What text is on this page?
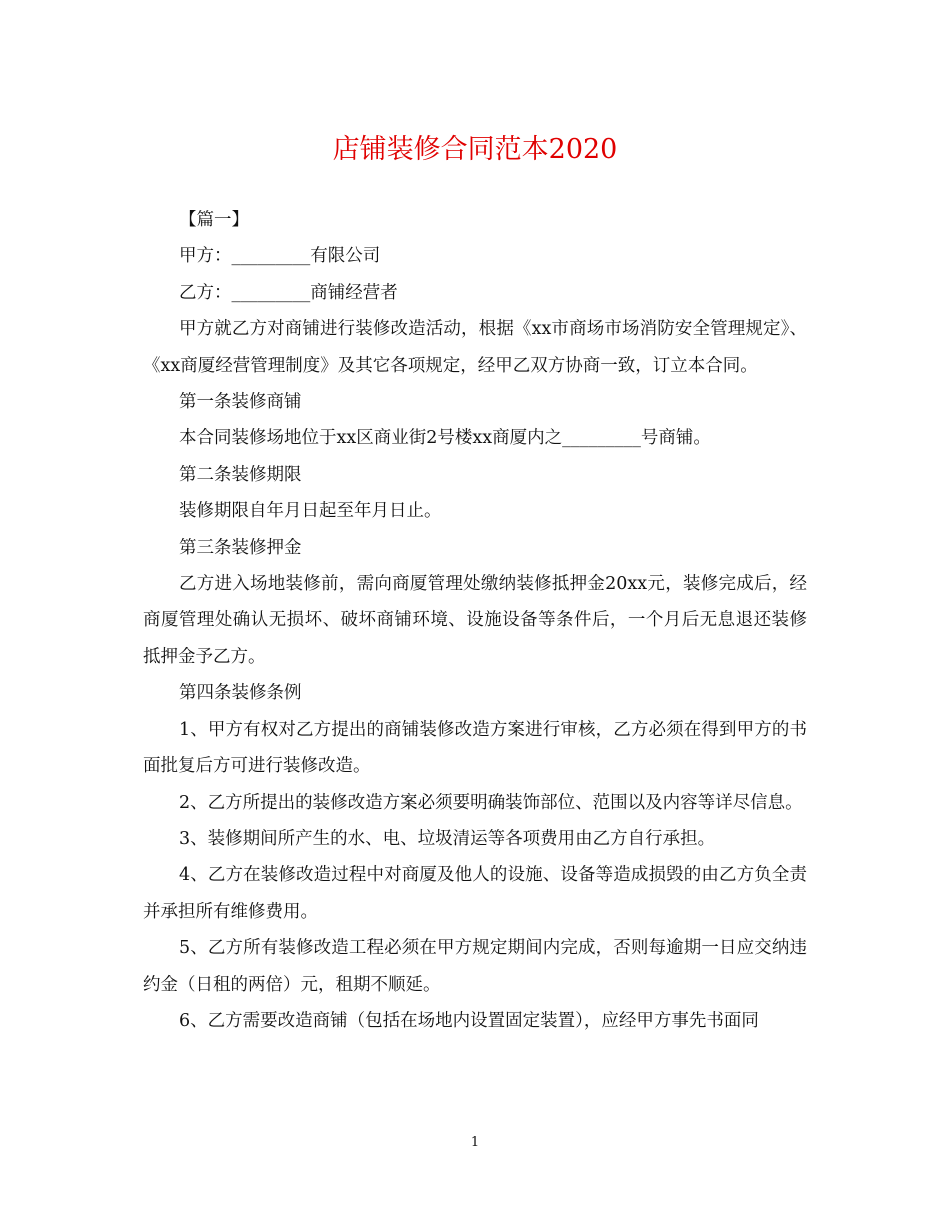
店铺装修合同范本2020

【篇一】

甲方：_________有限公司

乙方：_________商铺经营者

甲方就乙方对商铺进行装修改造活动，根据《xx市商场市场消防安全管理规定》、《xx商厦经营管理制度》及其它各项规定，经甲乙双方协商一致，订立本合同。

第一条装修商铺

本合同装修场地位于xx区商业街2号楼xx商厦内之_________号商铺。

第二条装修期限

装修期限自年月日起至年月日止。

第三条装修押金

乙方进入场地装修前，需向商厦管理处缴纳装修抵押金20xx元，装修完成后，经商厦管理处确认无损坏、破坏商铺环境、设施设备等条件后，一个月后无息退还装修抵押金予乙方。

第四条装修条例

1、甲方有权对乙方提出的商铺装修改造方案进行审核，乙方必须在得到甲方的书面批复后方可进行装修改造。

2、乙方所提出的装修改造方案必须要明确装饰部位、范围以及内容等详尽信息。

3、装修期间所产生的水、电、垃圾清运等各项费用由乙方自行承担。

4、乙方在装修改造过程中对商厦及他人的设施、设备等造成损毁的由乙方负全责并承担所有维修费用。

5、乙方所有装修改造工程必须在甲方规定期间内完成，否则每逾期一日应交纳违约金（日租的两倍）元，租期不顺延。

6、乙方需要改造商铺（包括在场地内设置固定装置），应经甲方事先书面同

1
